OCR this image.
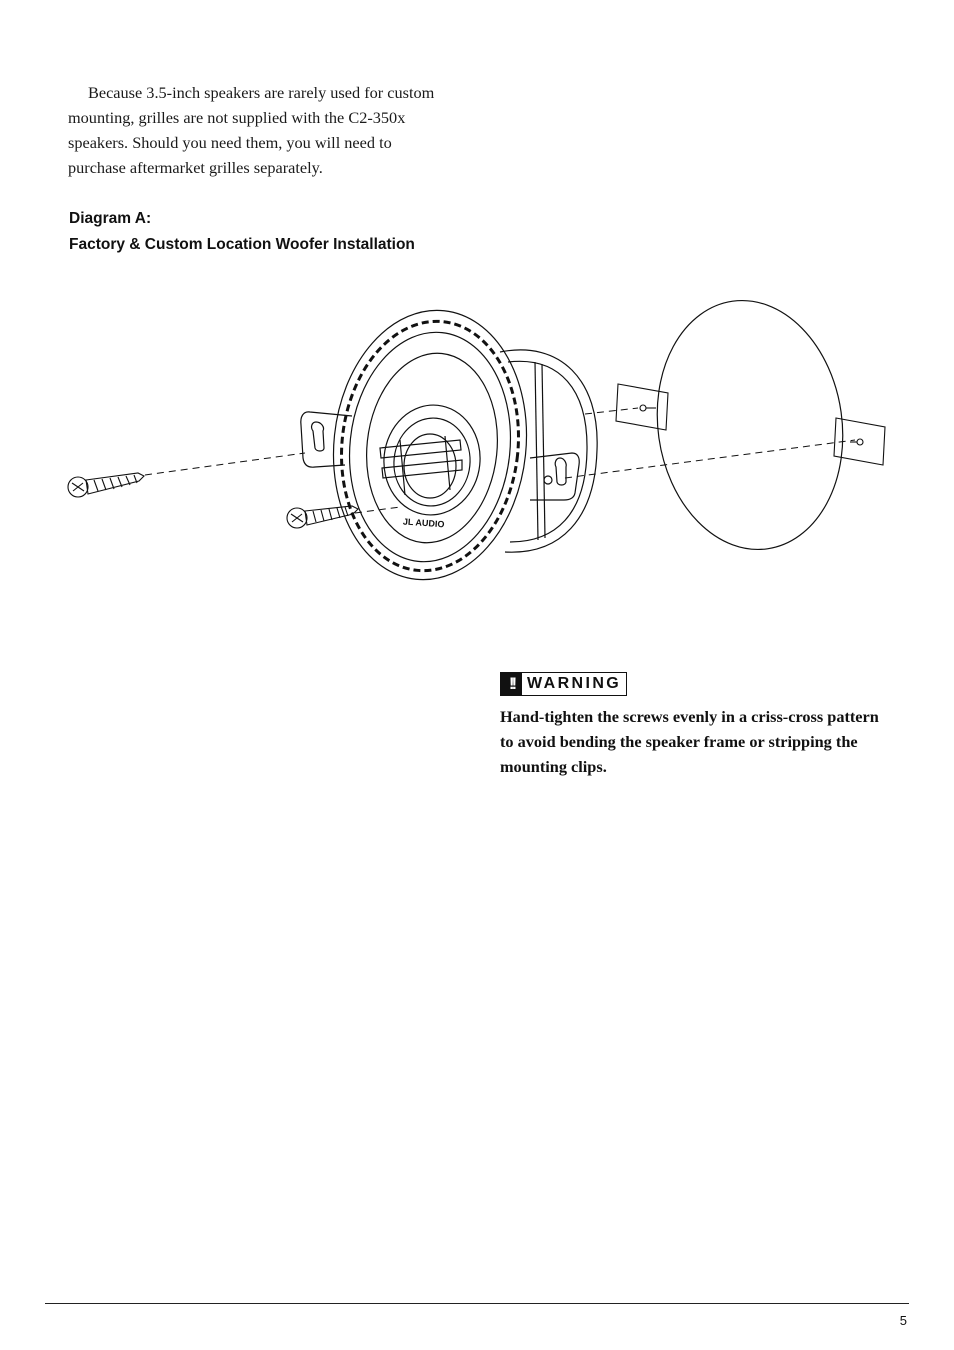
Because 3.5-inch speakers are rarely used for custom mounting, grilles are not supplied with the C2-350x speakers. Should you need them, you will need to purchase aftermarket grilles separately.

Diagram A:
Factory & Custom Location Woofer Installation
JL AUDIO
!! WARNING

Hand-tighten the screws evenly in a criss-cross pattern to avoid bending the speaker frame or stripping the mounting clips.

5
